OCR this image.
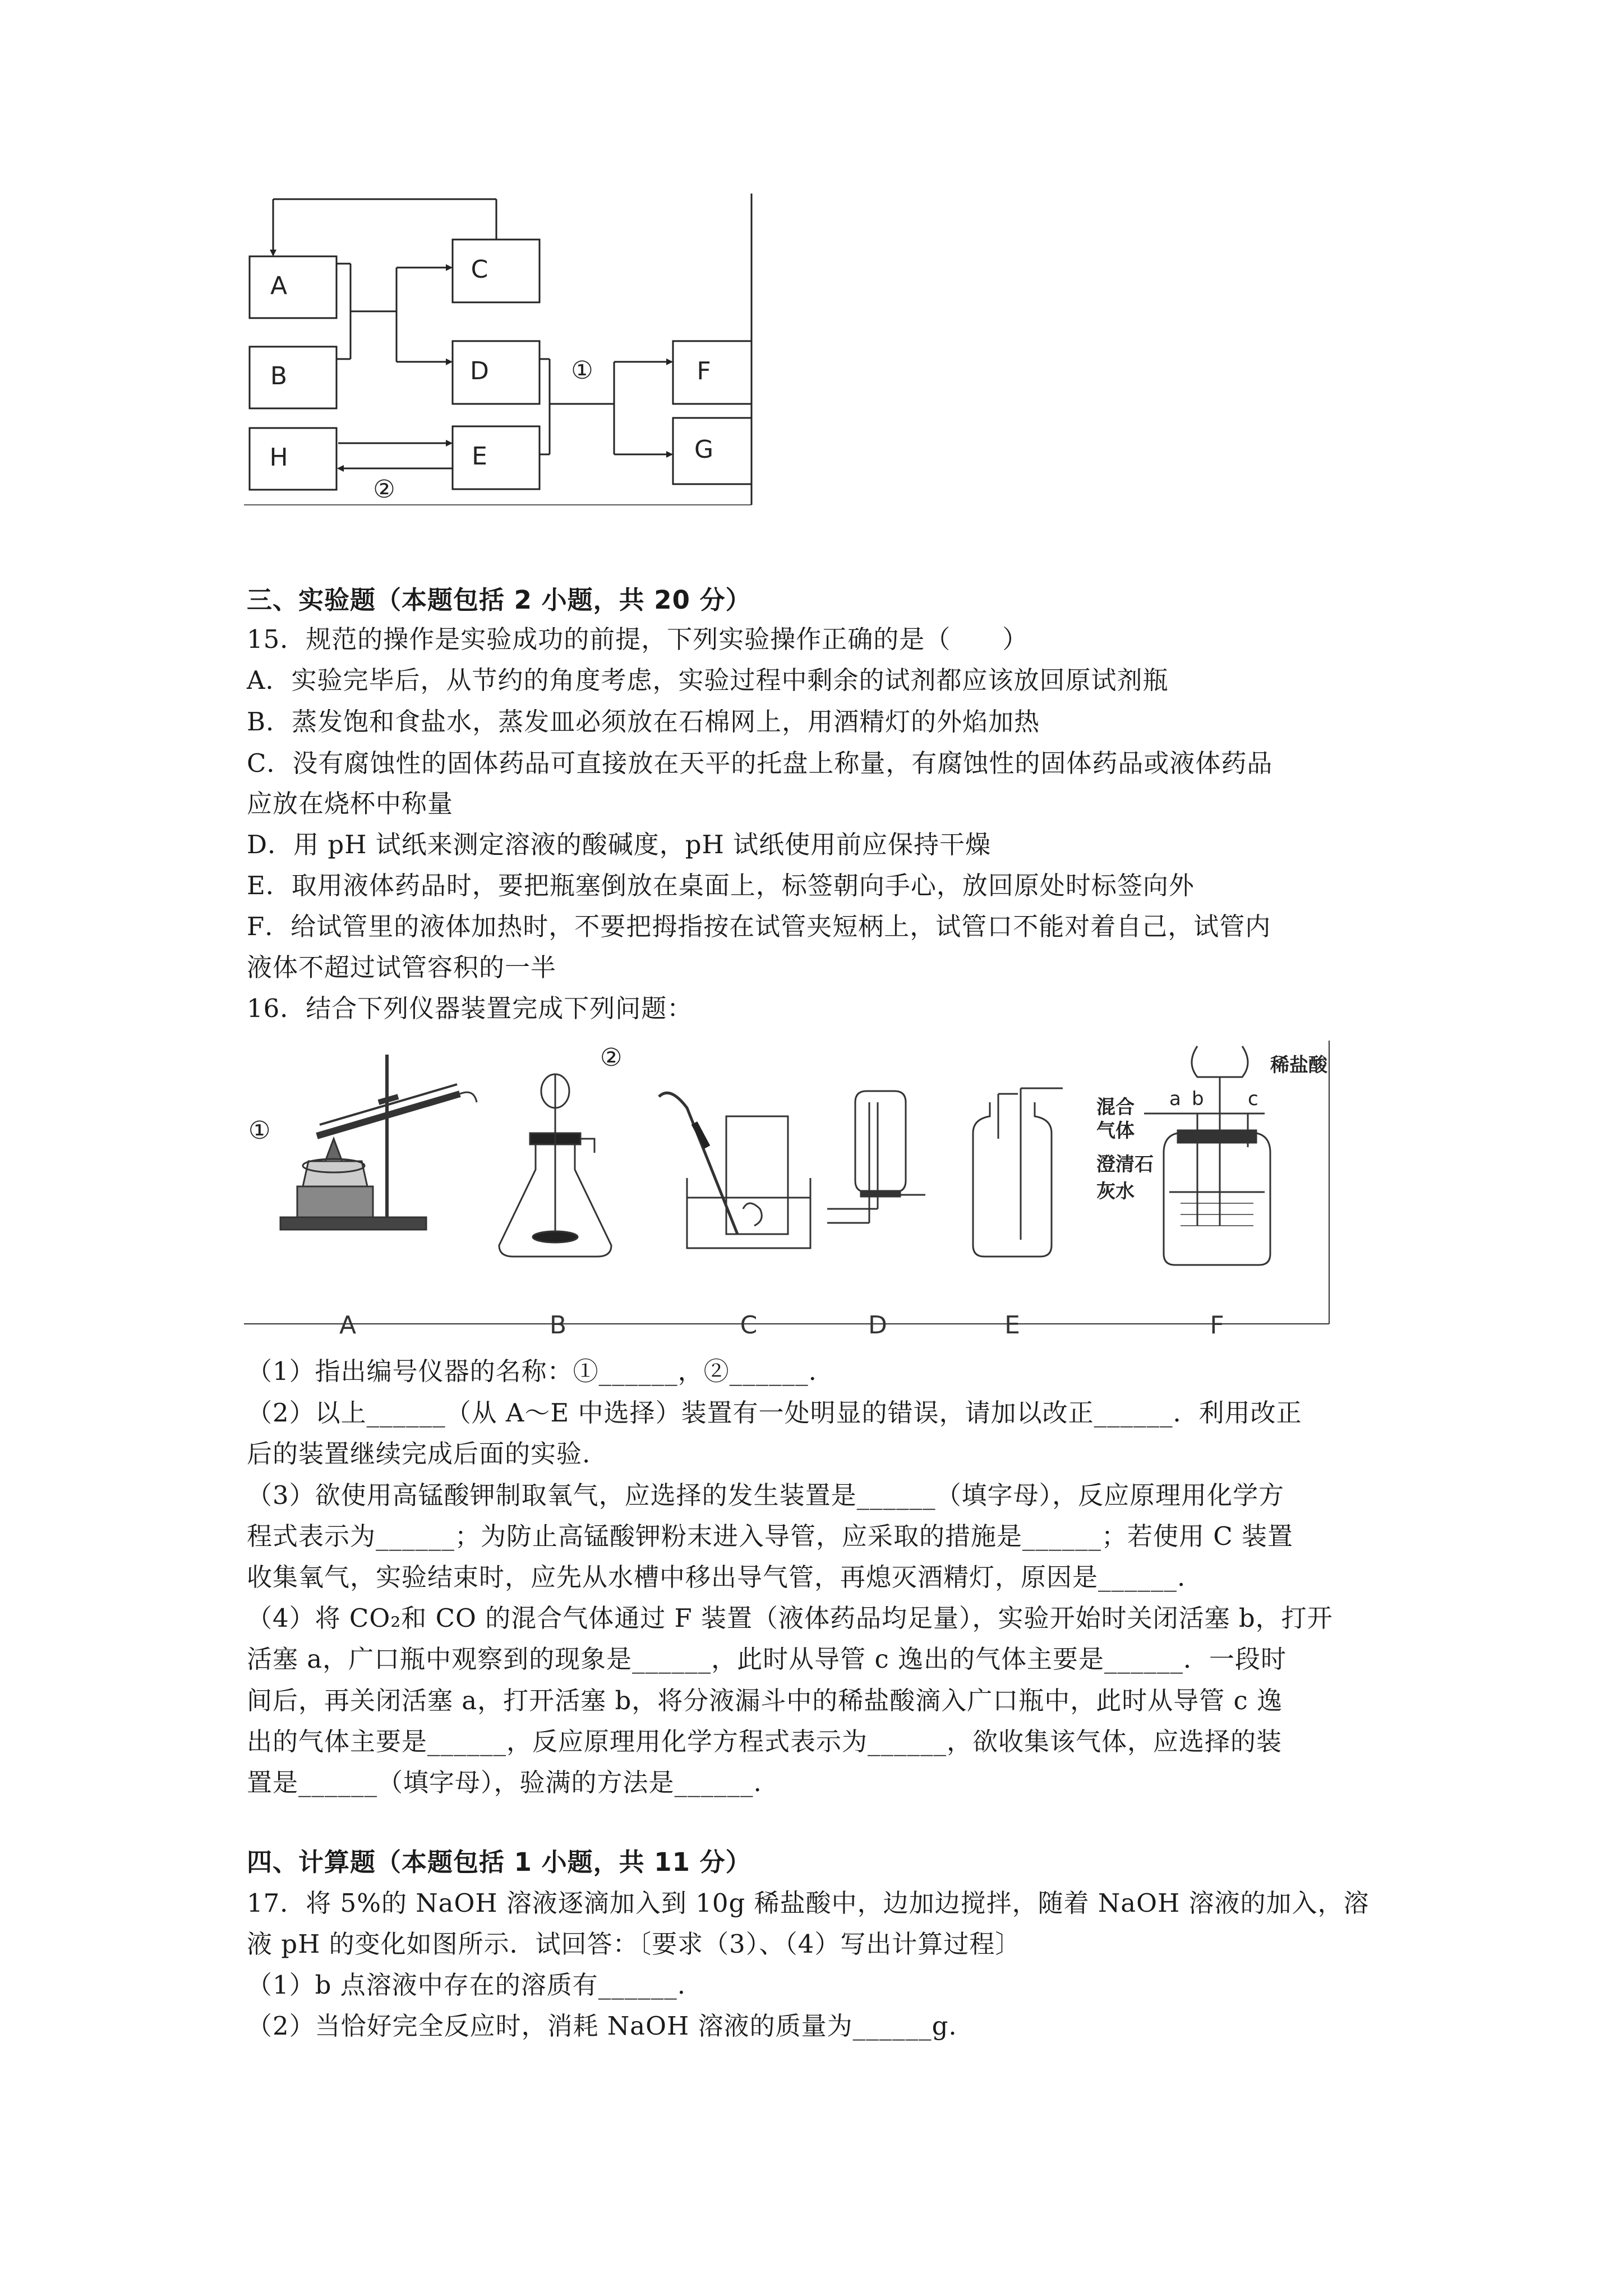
A
B
H
C
D
E
F
G
①
②
三、实验题（本题包括 2 小题，共 20 分）
15．规范的操作是实验成功的前提，下列实验操作正确的是（　　）
A．实验完毕后，从节约的角度考虑，实验过程中剩余的试剂都应该放回原试剂瓶
B．蒸发饱和食盐水，蒸发皿必须放在石棉网上，用酒精灯的外焰加热
C．没有腐蚀性的固体药品可直接放在天平的托盘上称量，有腐蚀性的固体药品或液体药品
应放在烧杯中称量
D．用 pH 试纸来测定溶液的酸碱度，pH 试纸使用前应保持干燥
E．取用液体药品时，要把瓶塞倒放在桌面上，标签朝向手心，放回原处时标签向外
F．给试管里的液体加热时，不要把拇指按在试管夹短柄上，试管口不能对着自己，试管内
液体不超过试管容积的一半
16．结合下列仪器装置完成下列问题：
①
②	稀盐酸
混合
气体
澄清石
灰水
a b c
A	B	C	D	E	F
（1）指出编号仪器的名称：①______，②______.
（2）以上______（从 A～E 中选择）装置有一处明显的错误，请加以改正______．利用改正
后的装置继续完成后面的实验.
（3）欲使用高锰酸钾制取氧气，应选择的发生装置是______（填字母），反应原理用化学方
程式表示为______；为防止高锰酸钾粉末进入导管，应采取的措施是______；若使用 C 装置
收集氧气，实验结束时，应先从水槽中移出导气管，再熄灭酒精灯，原因是______.
（4）将 CO₂和 CO 的混合气体通过 F 装置（液体药品均足量），实验开始时关闭活塞 b，打开
活塞 a，广口瓶中观察到的现象是______，此时从导管 c 逸出的气体主要是______．一段时
间后，再关闭活塞 a，打开活塞 b，将分液漏斗中的稀盐酸滴入广口瓶中，此时从导管 c 逸
出的气体主要是______，反应原理用化学方程式表示为______，欲收集该气体，应选择的装
置是______（填字母），验满的方法是______.
四、计算题（本题包括 1 小题，共 11 分）
17．将 5%的 NaOH 溶液逐滴加入到 10g 稀盐酸中，边加边搅拌，随着 NaOH 溶液的加入，溶
液 pH 的变化如图所示．试回答：〔要求（3）、（4）写出计算过程〕
（1）b 点溶液中存在的溶质有______.
（2）当恰好完全反应时，消耗 NaOH 溶液的质量为______g.
